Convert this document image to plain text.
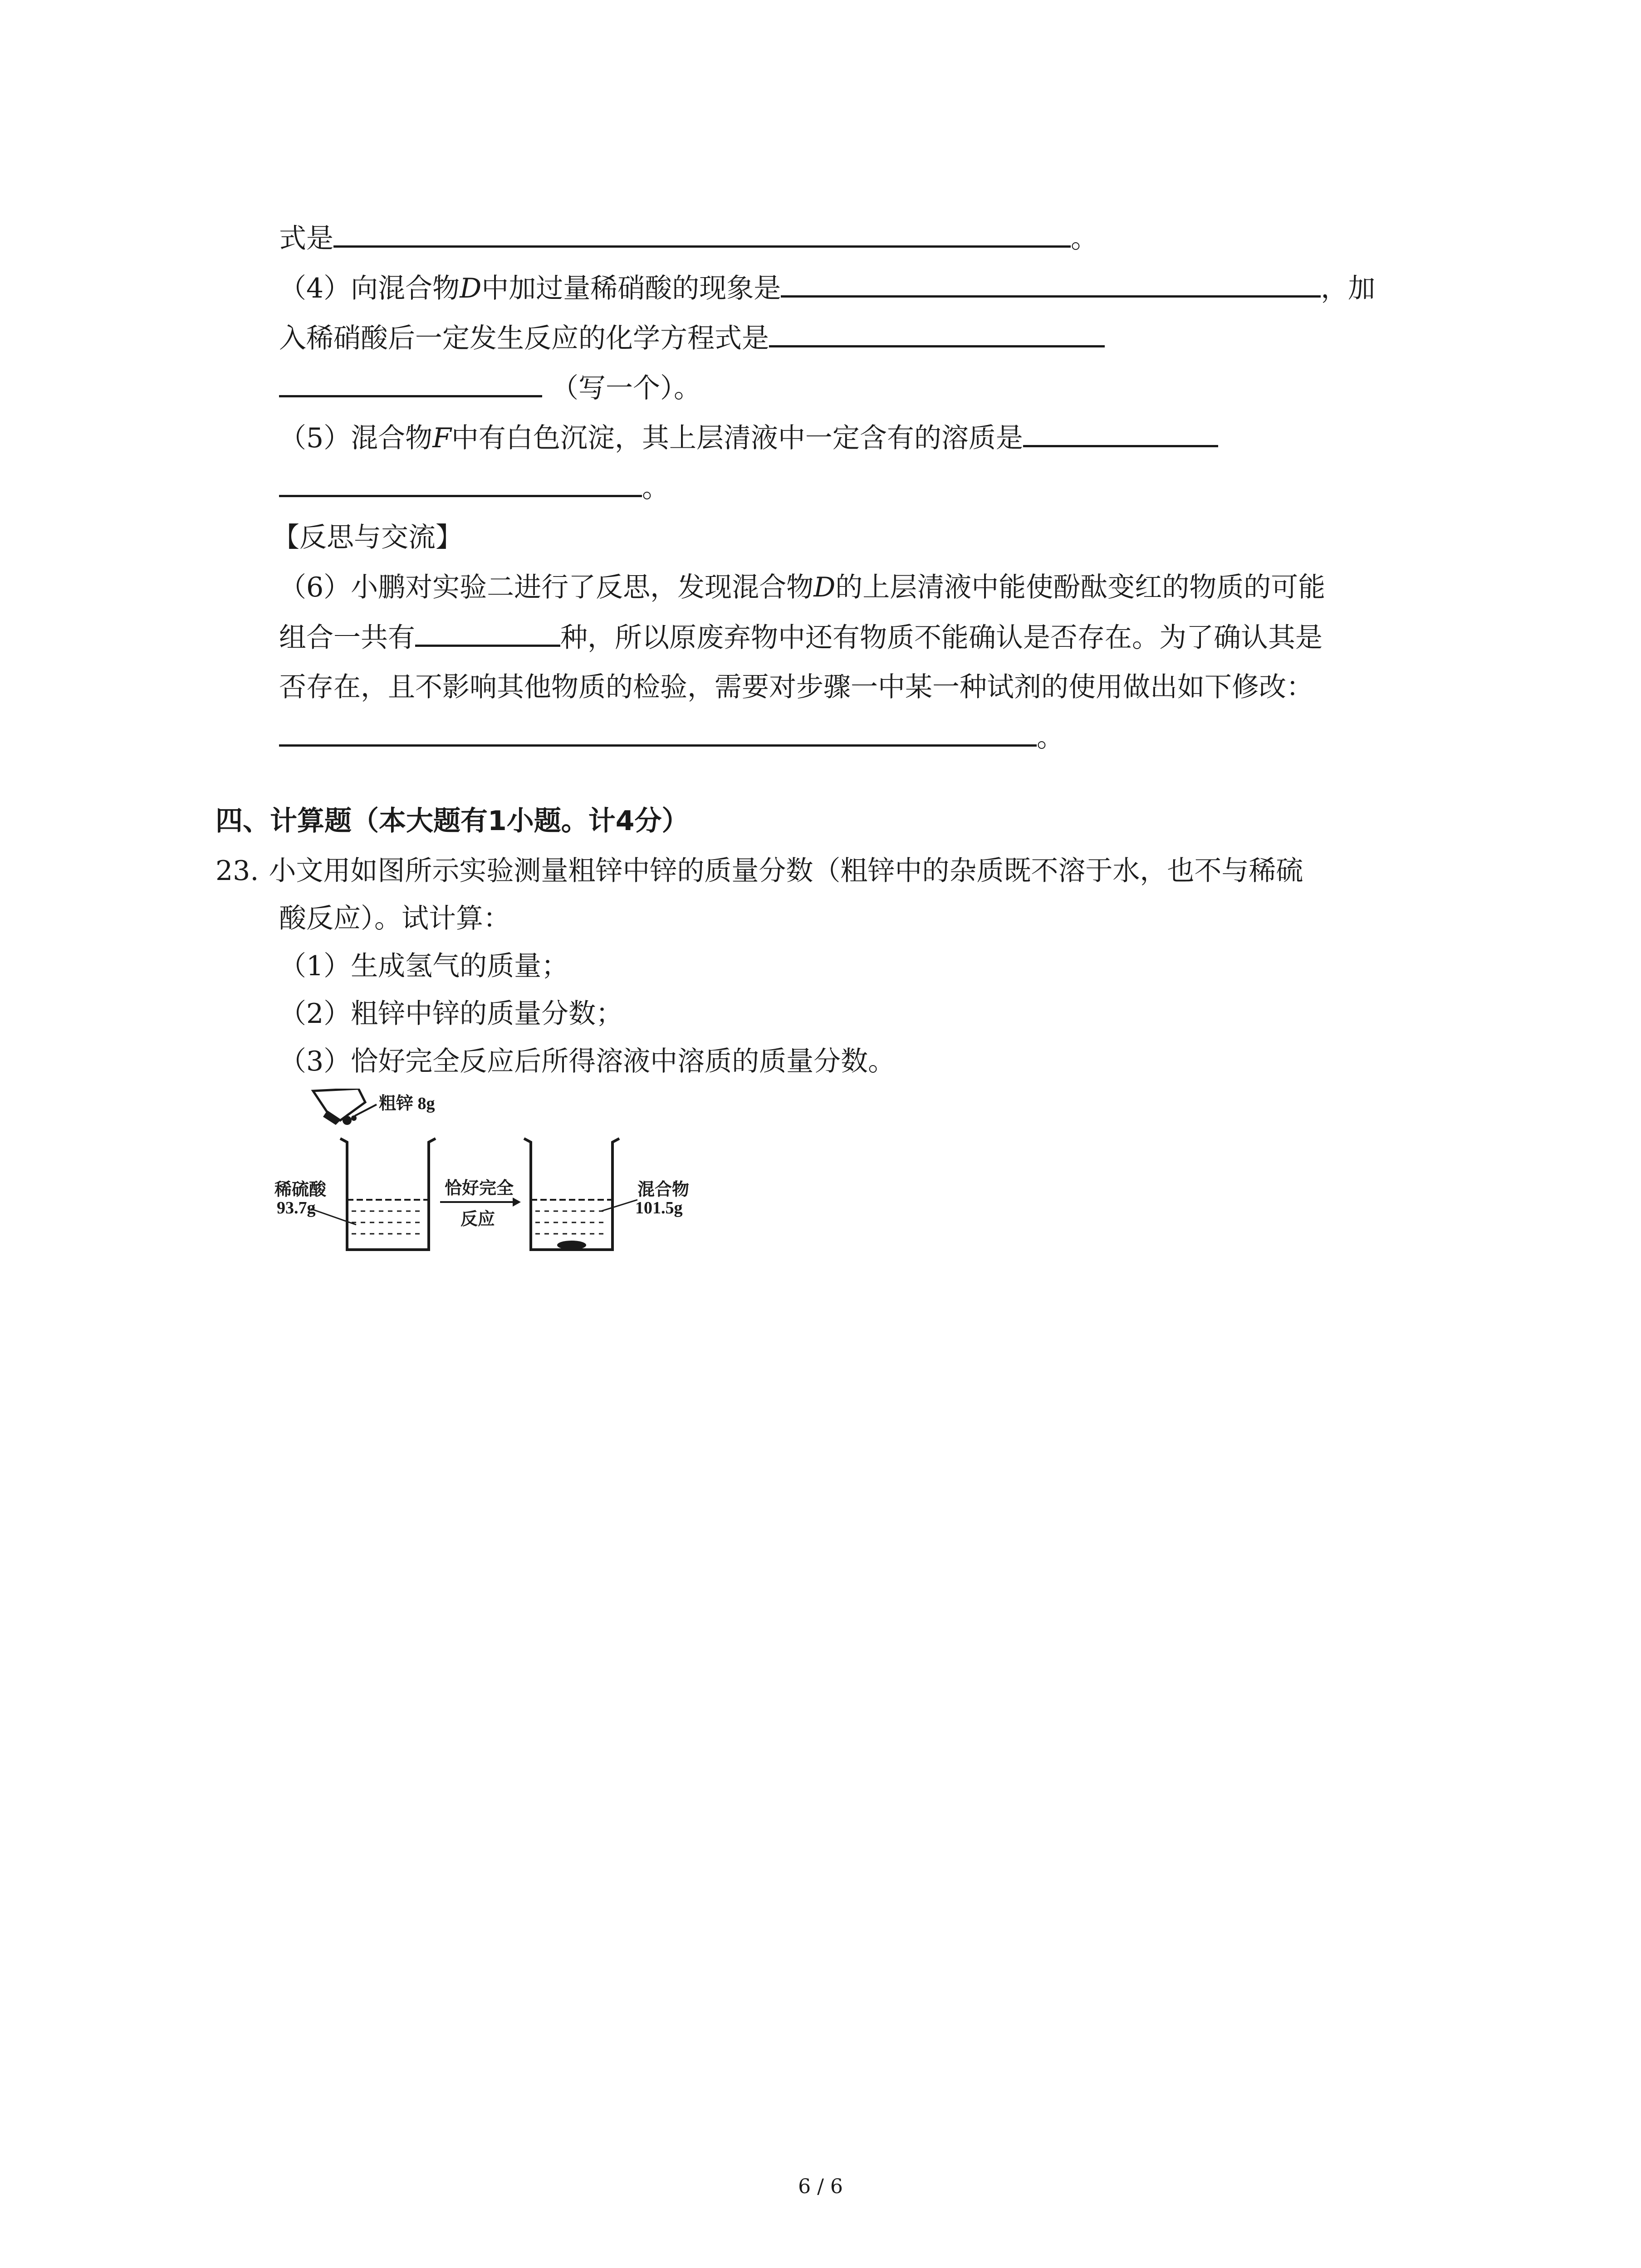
式是	。
（4）向混合物D中加过量稀硝酸的现象是	，加
入稀硝酸后一定发生反应的化学方程式是
（写一个）。
（5）混合物F中有白色沉淀，其上层清液中一定含有的溶质是
。
【反思与交流】
（6）小鹏对实验二进行了反思，发现混合物D的上层清液中能使酚酞变红的物质的可能
组合一共有	种，所以原废弃物中还有物质不能确认是否存在。为了确认其是
否存在，且不影响其他物质的检验，需要对步骤一中某一种试剂的使用做出如下修改：
。
四、计算题（本大题有1小题。计4分）
23. 小文用如图所示实验测量粗锌中锌的质量分数（粗锌中的杂质既不溶于水，也不与稀硫
酸反应）。试计算：
（1）生成氢气的质量；
（2）粗锌中锌的质量分数；
（3）恰好完全反应后所得溶液中溶质的质量分数。
粗锌 8g
稀硫酸
93.7g
恰好完全
反应
混合物
101.5g
6 / 6
